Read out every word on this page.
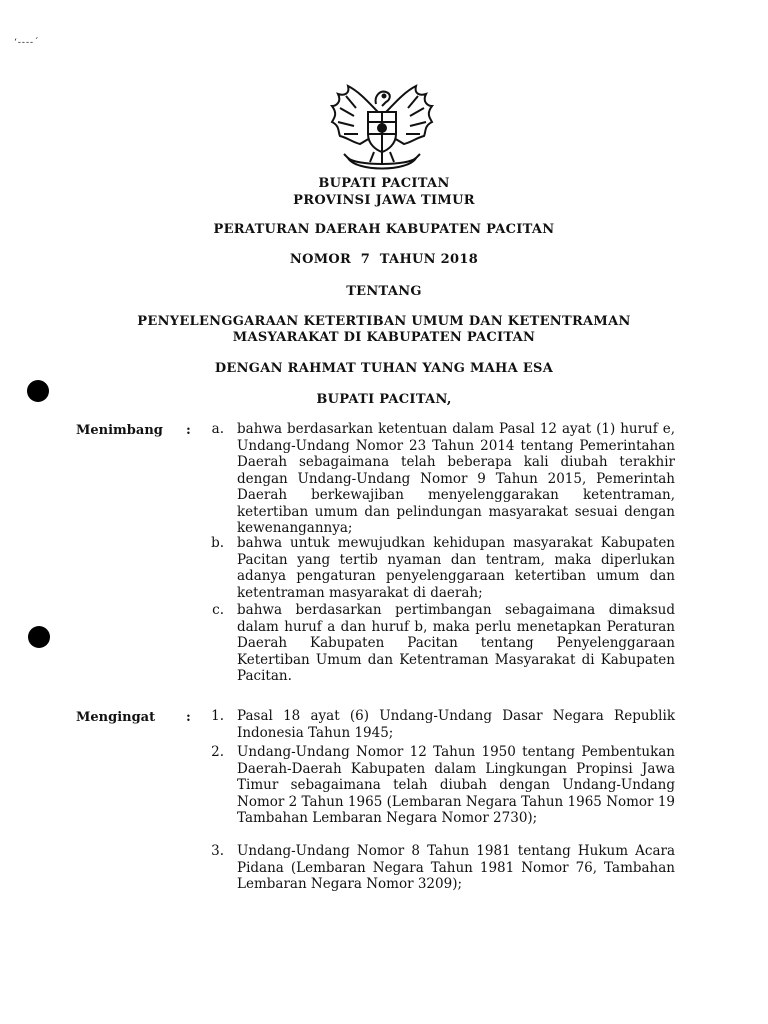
‘----´
BUPATI PACITAN
PROVINSI JAWA TIMUR
PERATURAN DAERAH KABUPATEN PACITAN
NOMOR  7  TAHUN 2018
TENTANG
PENYELENGGARAAN KETERTIBAN UMUM DAN KETENTRAMAN
MASYARAKAT DI KABUPATEN PACITAN
DENGAN RAHMAT TUHAN YANG MAHA ESA
BUPATI PACITAN,
Menimbang :	a. bahwa berdasarkan ketentuan dalam Pasal 12 ayat (1) huruf e, Undang-Undang Nomor 23 Tahun 2014 tentang Pemerintahan Daerah sebagaimana telah beberapa kali diubah terakhir dengan Undang-Undang Nomor 9 Tahun 2015, Pemerintah Daerah berkewajiban menyelenggarakan ketentraman, ketertiban umum dan pelindungan masyarakat sesuai dengan kewenangannya;
b. bahwa untuk mewujudkan kehidupan masyarakat Kabupaten Pacitan yang tertib nyaman dan tentram, maka diperlukan adanya pengaturan penyelenggaraan ketertiban umum dan ketentraman masyarakat di daerah;
c. bahwa berdasarkan pertimbangan sebagaimana dimaksud dalam huruf a dan huruf b, maka perlu menetapkan Peraturan Daerah Kabupaten Pacitan tentang Penyelenggaraan Ketertiban Umum dan Ketentraman Masyarakat di Kabupaten Pacitan.
Mengingat :	1. Pasal 18 ayat (6) Undang-Undang Dasar Negara Republik Indonesia Tahun 1945;
2. Undang-Undang Nomor 12 Tahun 1950 tentang Pembentukan Daerah-Daerah Kabupaten dalam Lingkungan Propinsi Jawa Timur sebagaimana telah diubah dengan Undang-Undang Nomor 2 Tahun 1965 (Lembaran Negara Tahun 1965 Nomor 19 Tambahan Lembaran Negara Nomor 2730);
3. Undang-Undang Nomor 8 Tahun 1981 tentang Hukum Acara Pidana (Lembaran Negara Tahun 1981 Nomor 76, Tambahan Lembaran Negara Nomor 3209);
